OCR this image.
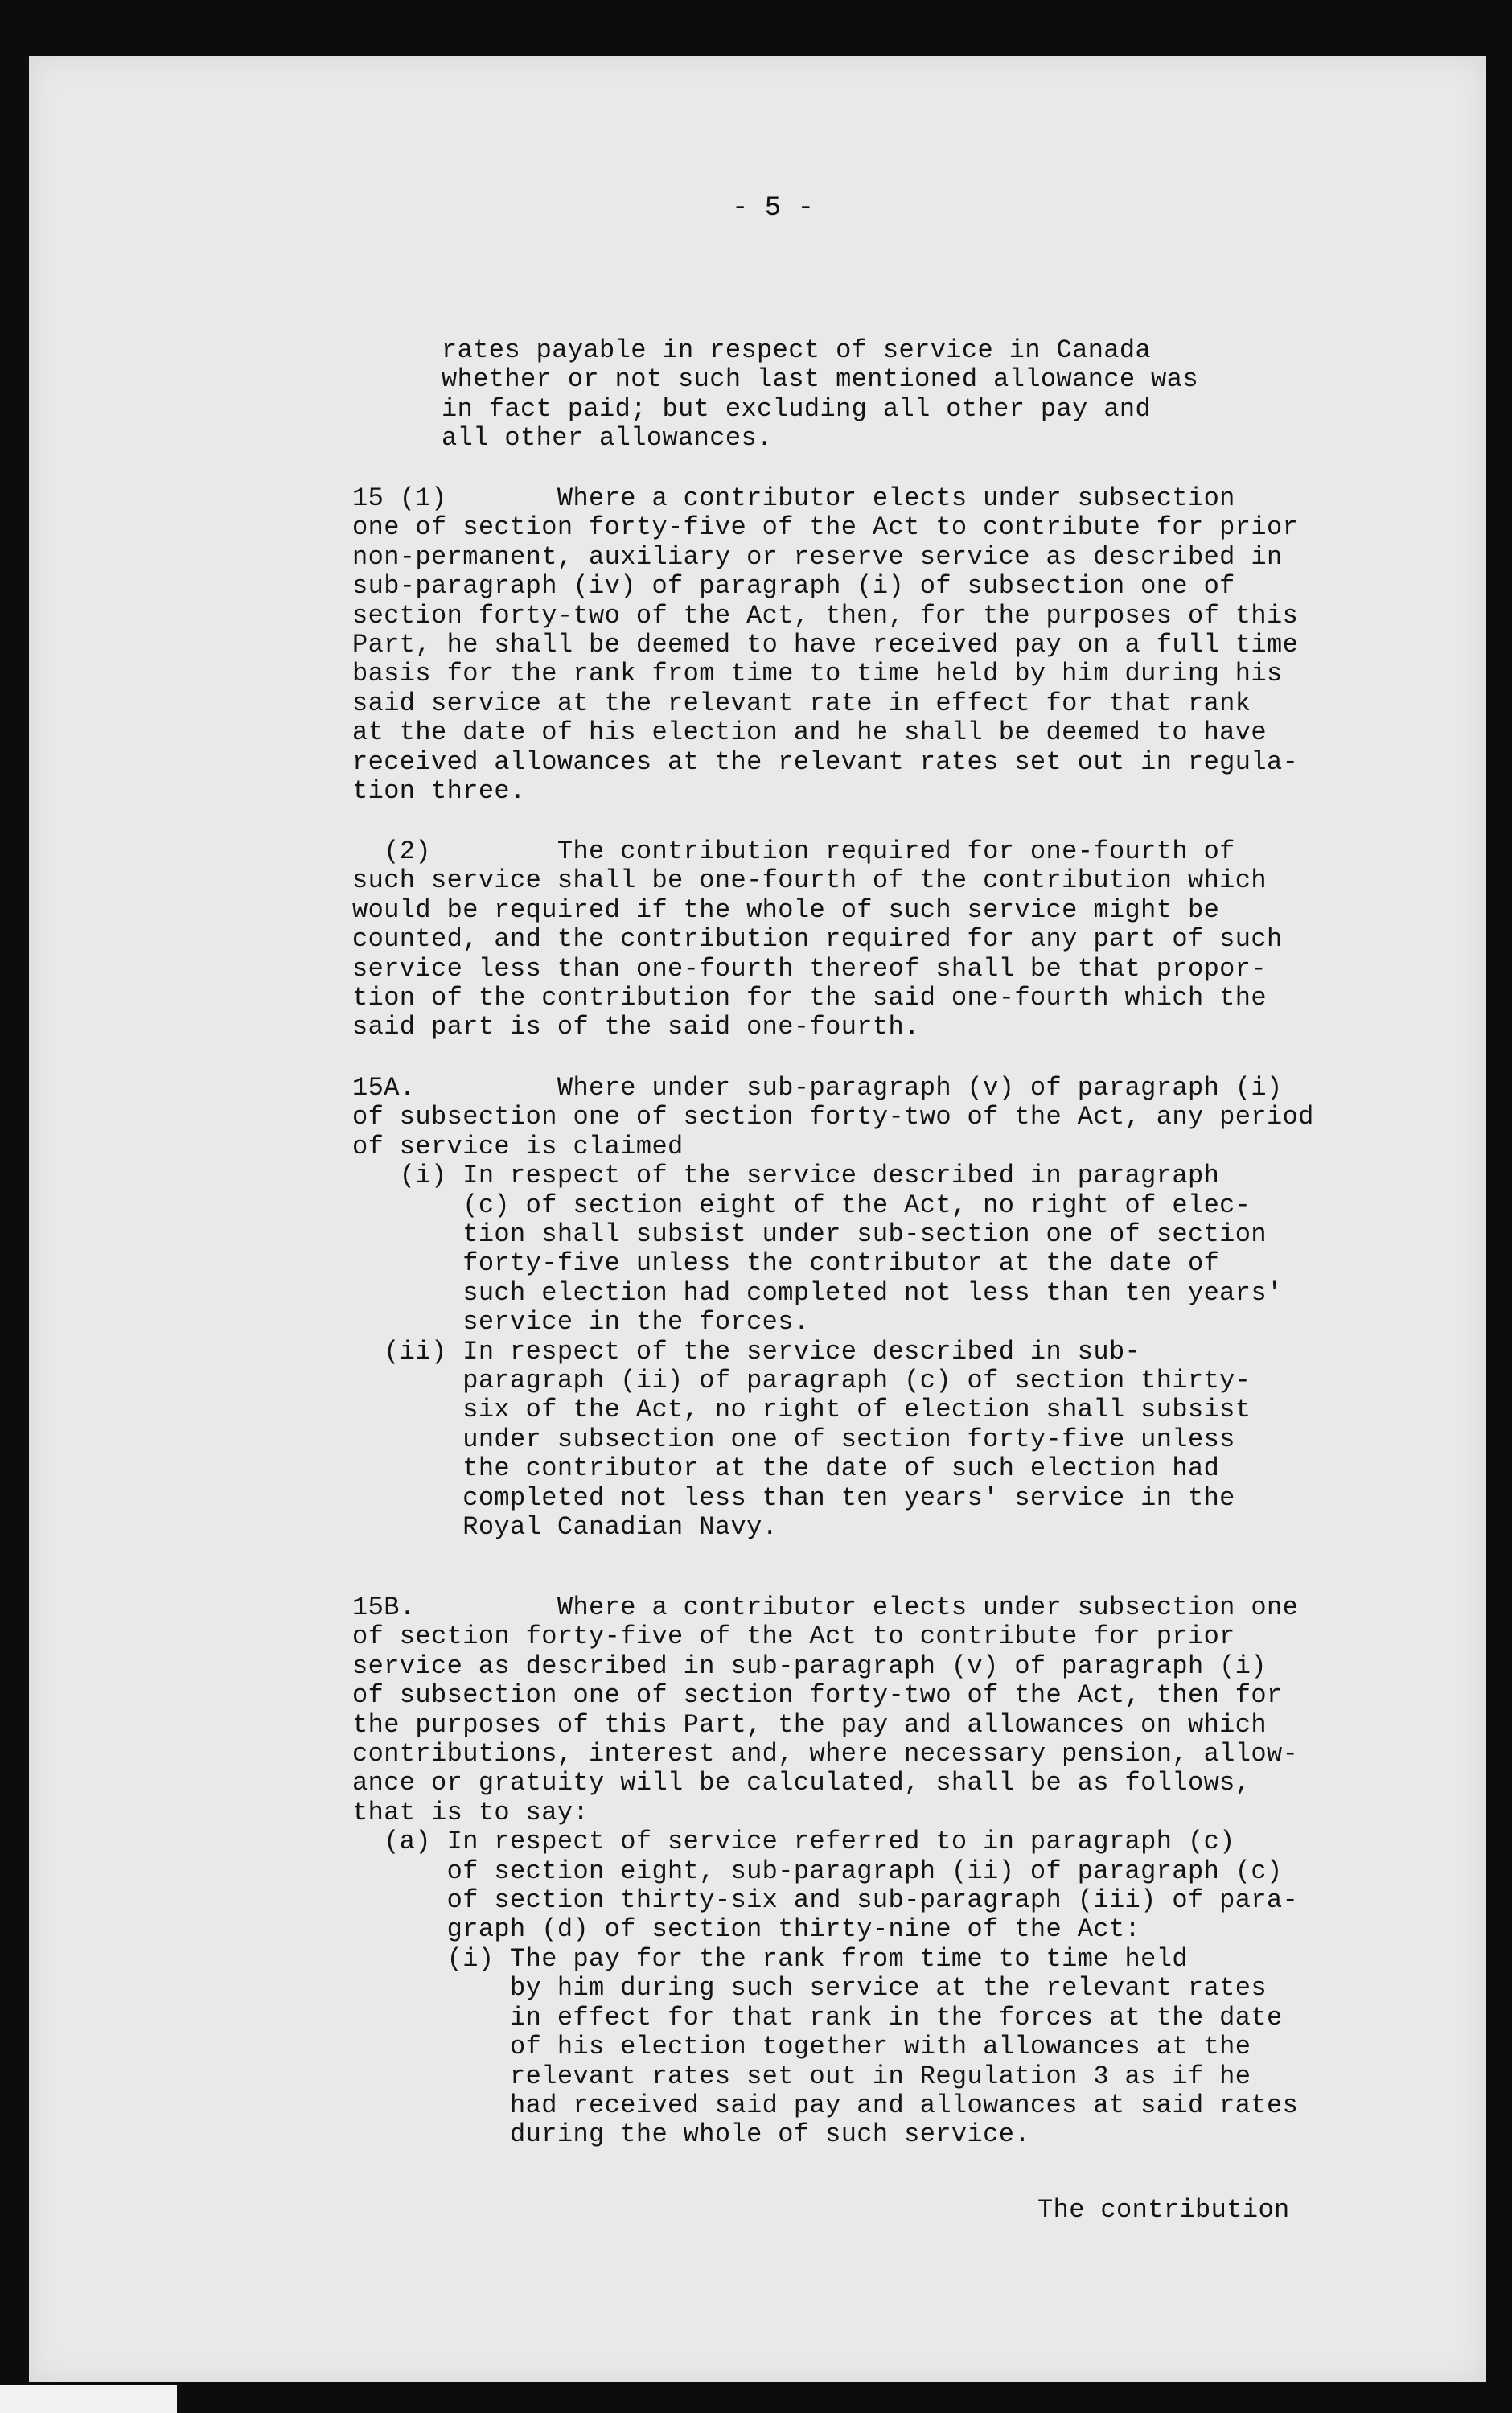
- 5 -
rates payable in respect of service in Canada
whether or not such last mentioned allowance was
in fact paid; but excluding all other pay and
all other allowances.
15 (1)       Where a contributor elects under subsection
one of section forty-five of the Act to contribute for prior
non-permanent, auxiliary or reserve service as described in
sub-paragraph (iv) of paragraph (i) of subsection one of
section forty-two of the Act, then, for the purposes of this
Part, he shall be deemed to have received pay on a full time
basis for the rank from time to time held by him during his
said service at the relevant rate in effect for that rank
at the date of his election and he shall be deemed to have
received allowances at the relevant rates set out in regula-
tion three.
(2)        The contribution required for one-fourth of
such service shall be one-fourth of the contribution which
would be required if the whole of such service might be
counted, and the contribution required for any part of such
service less than one-fourth thereof shall be that propor-
tion of the contribution for the said one-fourth which the
said part is of the said one-fourth.
15A.         Where under sub-paragraph (v) of paragraph (i)
of subsection one of section forty-two of the Act, any period
of service is claimed
(i) In respect of the service described in paragraph
(c) of section eight of the Act, no right of elec-
tion shall subsist under sub-section one of section
forty-five unless the contributor at the date of
such election had completed not less than ten years'
service in the forces.
(ii) In respect of the service described in sub-
paragraph (ii) of paragraph (c) of section thirty-
six of the Act, no right of election shall subsist
under subsection one of section forty-five unless
the contributor at the date of such election had
completed not less than ten years' service in the
Royal Canadian Navy.
15B.         Where a contributor elects under subsection one
of section forty-five of the Act to contribute for prior
service as described in sub-paragraph (v) of paragraph (i)
of subsection one of section forty-two of the Act, then for
the purposes of this Part, the pay and allowances on which
contributions, interest and, where necessary pension, allow-
ance or gratuity will be calculated, shall be as follows,
that is to say:
(a) In respect of service referred to in paragraph (c)
of section eight, sub-paragraph (ii) of paragraph (c)
of section thirty-six and sub-paragraph (iii) of para-
graph (d) of section thirty-nine of the Act:
(i) The pay for the rank from time to time held
by him during such service at the relevant rates
in effect for that rank in the forces at the date
of his election together with allowances at the
relevant rates set out in Regulation 3 as if he
had received said pay and allowances at said rates
during the whole of such service.
The contribution
